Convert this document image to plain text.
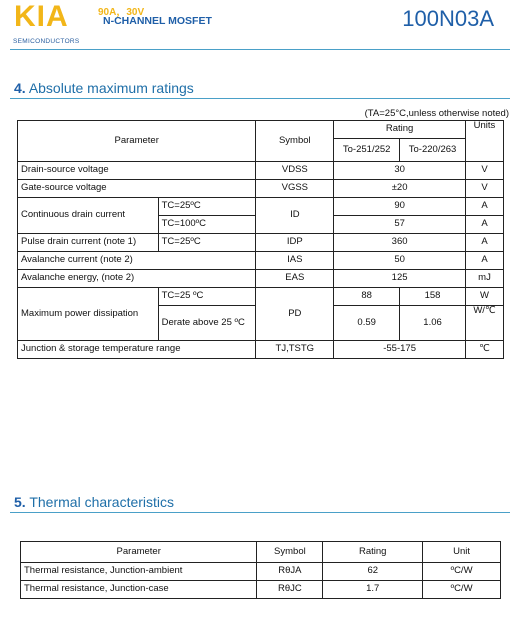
KIA
SEMICONDUCTORS
90A，30V
N-CHANNEL MOSFET	100N03A
4. Absolute maximum ratings
(TA=25°C,unless otherwise noted)
Parameter		Symbol	Rating		Units
			To-251/252	To-220/263	
Drain-source voltage		VDSS	30		V
Gate-source voltage		VGSS	±20		V
Continuous drain current	TC=25ºC	ID	90		A
	TC=100ºC		57		A
Pulse drain current (note 1)	TC=25ºC	IDP	360		A
Avalanche current (note 2)		IAS	50		A
Avalanche energy, (note 2)		EAS	125		mJ
Maximum power dissipation	TC=25 ºC	PD	88	158	W
	Derate above 25 ºC		0.59	1.06	W/℃
Junction & storage temperature range		TJ,TSTG	-55-175		℃
5. Thermal characteristics
Parameter	Symbol	Rating	Unit
Thermal resistance, Junction-ambient	RθJA	62	ºC/W
Thermal resistance, Junction-case	RθJC	1.7	ºC/W
